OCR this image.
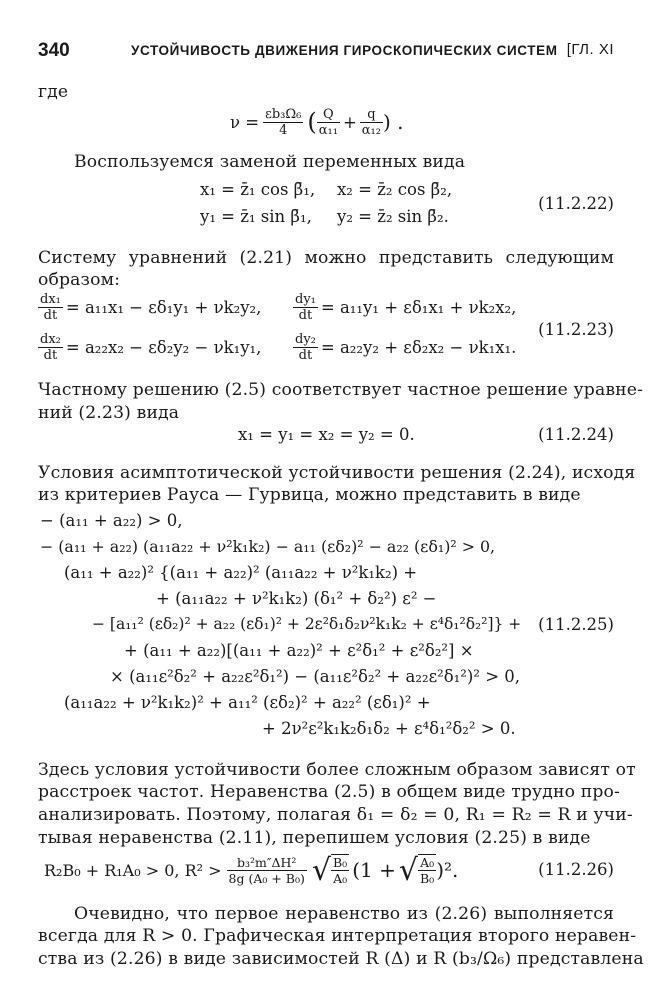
340	УСТОЙЧИВОСТЬ ДВИЖЕНИЯ ГИРОСКОПИЧЕСКИХ СИСТЕМ [ГЛ. XI
где
$\nu = \frac{\text{εb₃Ω₆}}{4}$ ( $\frac{Q}{\text{α₁₁}} + \frac{q}{\text{α₁₂}}$ ) .
Воспользуемся заменой переменных вида
x₁ = z̄₁ cos β̄₁, x₂ = z̄₂ cos β̄₂,
y₁ = z̄₁ sin β̄₁, y₂ = z̄₂ sin β̄₂.
(11.2.22)
Систему уравнений (2.21) можно представить следующим
образом:
$\frac{\text{dx₁}}{dt} = a_{11}x_1 - \varepsilon\delta_1y_1 + \nu k_2y_2$, $\frac{\text{dy₁}}{dt} = a_{11}y_1 + \varepsilon\delta_1x_1 + \nu k_2x_2$,
$\frac{\text{dx₂}}{dt} = a_{22}x_2 - \varepsilon\delta_2y_2 - \nu k_1y_1$, $\frac{\text{dy₂}}{dt} = a_{22}y_2 + \varepsilon\delta_2x_2 - \nu k_1x_1$.
(11.2.23)
Частному решению (2.5) соответствует частное решение уравне-
ний (2.23) вида
x₁ = y₁ = x₂ = y₂ = 0.	(11.2.24)
Условия асимптотической устойчивости решения (2.24), исходя
из критериев Рауса — Гурвица, можно представить в виде
− (a₁₁ + a₂₂) > 0,
− (a₁₁ + a₂₂) (a₁₁a₂₂ + ν²k₁k₂) − a₁₁ (εδ₂)² − a₂₂ (εδ₁)² > 0,
(a₁₁ + a₂₂)² {(a₁₁ + a₂₂)² (a₁₁a₂₂ + ν²k₁k₂) +
+ (a₁₁a₂₂ + ν²k₁k₂) (δ₁² + δ₂²) ε² −
− [a₁₁² (εδ₂)² + a₂₂ (εδ₁)² + 2ε²δ₁δ₂ν²k₁k₂ + ε⁴δ₁²δ₂²]} +
+ (a₁₁ + a₂₂)[(a₁₁ + a₂₂)² + ε²δ₁² + ε²δ₂²] ×
× (a₁₁ε²δ₂² + a₂₂ε²δ₁²) − (a₁₁ε²δ₂² + a₂₂ε²δ₁²)² > 0,
(a₁₁a₂₂ + ν²k₁k₂)² + a₁₁² (εδ₂)² + a₂₂² (εδ₁)² +
+ 2ν²ε²k₁k₂δ₁δ₂ + ε⁴δ₁²δ₂² > 0.
(11.2.25)
Здесь условия устойчивости более сложным образом зависят от
расстроек частот. Неравенства (2.5) в общем виде трудно про-
анализировать. Поэтому, полагая δ₁ = δ₂ = 0, R₁ = R₂ = R и учи-
тывая неравенства (2.11), перепишем условия (2.25) в виде
R₂B₀ + R₁A₀ > 0, $R^2 > \frac{\text{b₃²m″ΔH²}}{\text{8g (A₀ + B₀)}}$ √ $\frac{\text{B₀}}{\text{A₀}} (1$ + √ $\frac{\text{A₀}}{\text{B₀}} )^2$.	(11.2.26)
Очевидно, что первое неравенство из (2.26) выполняется
всегда для R > 0. Графическая интерпретация второго неравен-
ства из (2.26) в виде зависимостей R (Δ) и R (b₃/Ω₆) представлена
